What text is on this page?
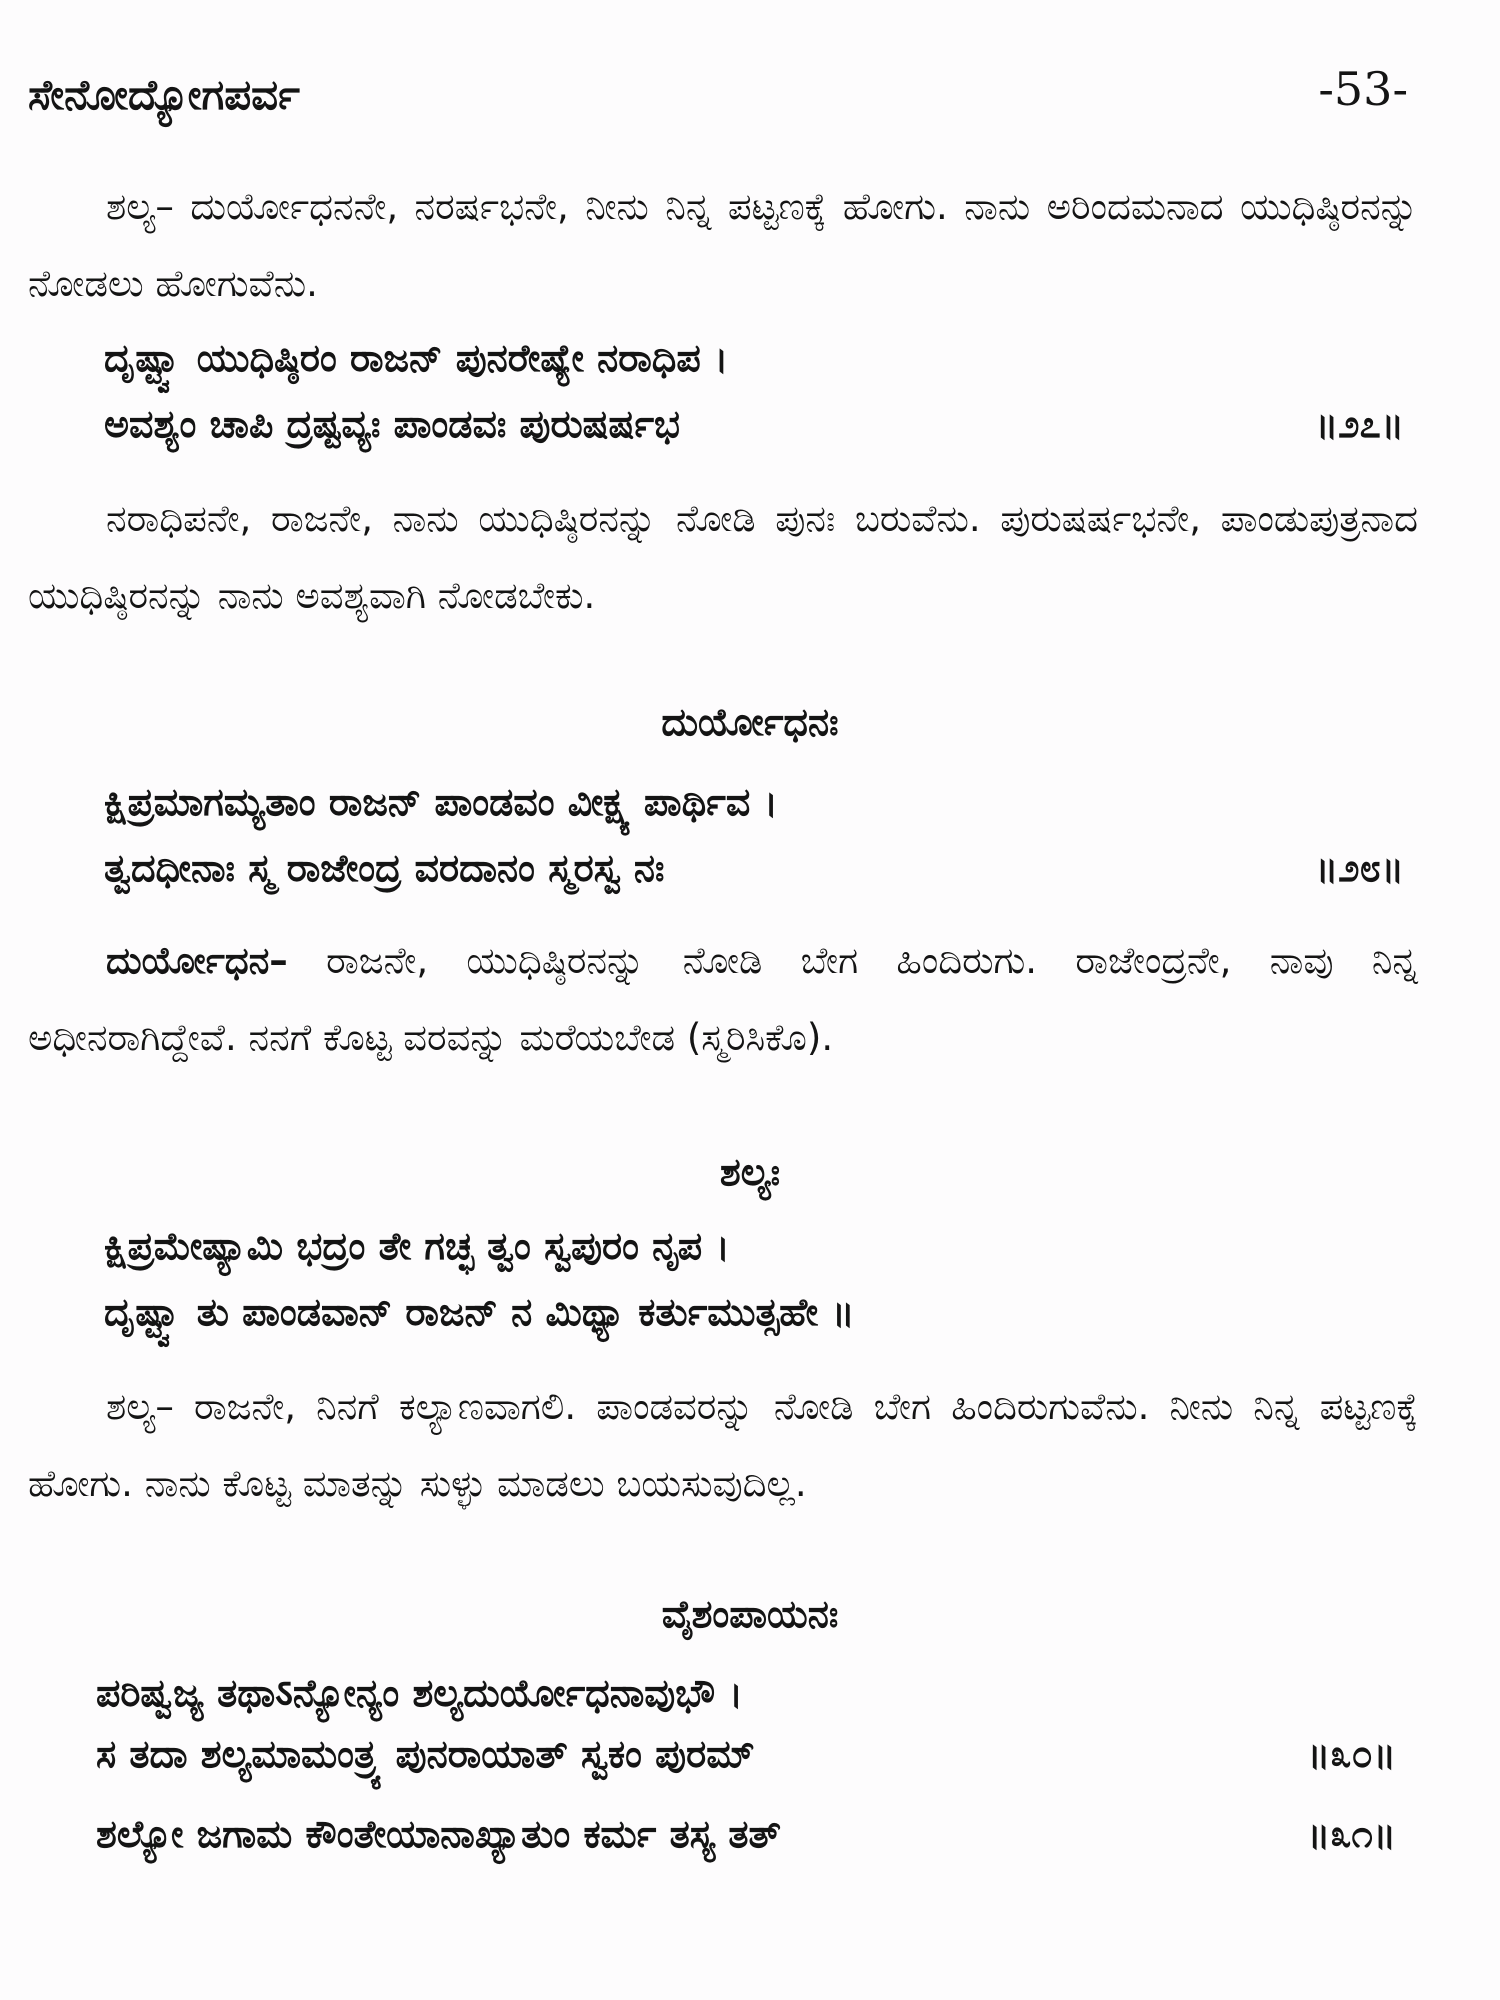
ಸೇನೋದ್ಯೋಗಪರ್ವ	-53-
ಶಲ್ಯ– ದುರ್ಯೋಧನನೇ, ನರರ್ಷಭನೇ, ನೀನು ನಿನ್ನ ಪಟ್ಟಣಕ್ಕೆ ಹೋಗು. ನಾನು ಅರಿಂದಮನಾದ ಯುಧಿಷ್ಠಿರನನ್ನು ನೋಡಲು ಹೋಗುವೆನು.
ದೃಷ್ಟ್ವಾ ಯುಧಿಷ್ಠಿರಂ ರಾಜನ್ ಪುನರೇಷ್ಯೇ ನರಾಧಿಪ ।
ಅವಶ್ಯಂ ಚಾಪಿ ದ್ರಷ್ಟವ್ಯಃ ಪಾಂಡವಃ ಪುರುಷರ್ಷಭ	॥೨೭॥
ನರಾಧಿಪನೇ, ರಾಜನೇ, ನಾನು ಯುಧಿಷ್ಠಿರನನ್ನು ನೋಡಿ ಪುನಃ ಬರುವೆನು. ಪುರುಷರ್ಷಭನೇ, ಪಾಂಡುಪುತ್ರನಾದ ಯುಧಿಷ್ಠಿರನನ್ನು ನಾನು ಅವಶ್ಯವಾಗಿ ನೋಡಬೇಕು.
ದುರ್ಯೋಧನಃ
ಕ್ಷಿಪ್ರಮಾಗಮ್ಯತಾಂ ರಾಜನ್ ಪಾಂಡವಂ ವೀಕ್ಷ್ಯ ಪಾರ್ಥಿವ ।
ತ್ವದಧೀನಾಃ ಸ್ಮ ರಾಜೇಂದ್ರ ವರದಾನಂ ಸ್ಮರಸ್ವ ನಃ	॥೨೮॥
ದುರ್ಯೋಧನ– ರಾಜನೇ, ಯುಧಿಷ್ಠಿರನನ್ನು ನೋಡಿ ಬೇಗ ಹಿಂದಿರುಗು. ರಾಜೇಂದ್ರನೇ, ನಾವು ನಿನ್ನ ಅಧೀನರಾಗಿದ್ದೇವೆ. ನನಗೆ ಕೊಟ್ಟ ವರವನ್ನು ಮರೆಯಬೇಡ (ಸ್ಮರಿಸಿಕೊ).
ಶಲ್ಯಃ
ಕ್ಷಿಪ್ರಮೇಷ್ಯಾಮಿ ಭದ್ರಂ ತೇ ಗಚ್ಛ ತ್ವಂ ಸ್ವಪುರಂ ನೃಪ ।
ದೃಷ್ಟ್ವಾ ತು ಪಾಂಡವಾನ್ ರಾಜನ್ ನ ಮಿಥ್ಯಾ ಕರ್ತುಮುತ್ಸಹೇ ॥
ಶಲ್ಯ– ರಾಜನೇ, ನಿನಗೆ ಕಲ್ಯಾಣವಾಗಲಿ. ಪಾಂಡವರನ್ನು ನೋಡಿ ಬೇಗ ಹಿಂದಿರುಗುವೆನು. ನೀನು ನಿನ್ನ ಪಟ್ಟಣಕ್ಕೆ ಹೋಗು. ನಾನು ಕೊಟ್ಟ ಮಾತನ್ನು ಸುಳ್ಳು ಮಾಡಲು ಬಯಸುವುದಿಲ್ಲ.
ವೈಶಂಪಾಯನಃ
ಪರಿಷ್ವಜ್ಯ ತಥಾऽನ್ಯೋನ್ಯಂ ಶಲ್ಯದುರ್ಯೋಧನಾವುಭೌ ।
ಸ ತದಾ ಶಲ್ಯಮಾಮಂತ್ರ್ಯ ಪುನರಾಯಾತ್ ಸ್ವಕಂ ಪುರಮ್	॥೩೦॥
ಶಲ್ಯೋ ಜಗಾಮ ಕೌಂತೇಯಾನಾಖ್ಯಾತುಂ ಕರ್ಮ ತಸ್ಯ ತತ್	॥೩೧॥
